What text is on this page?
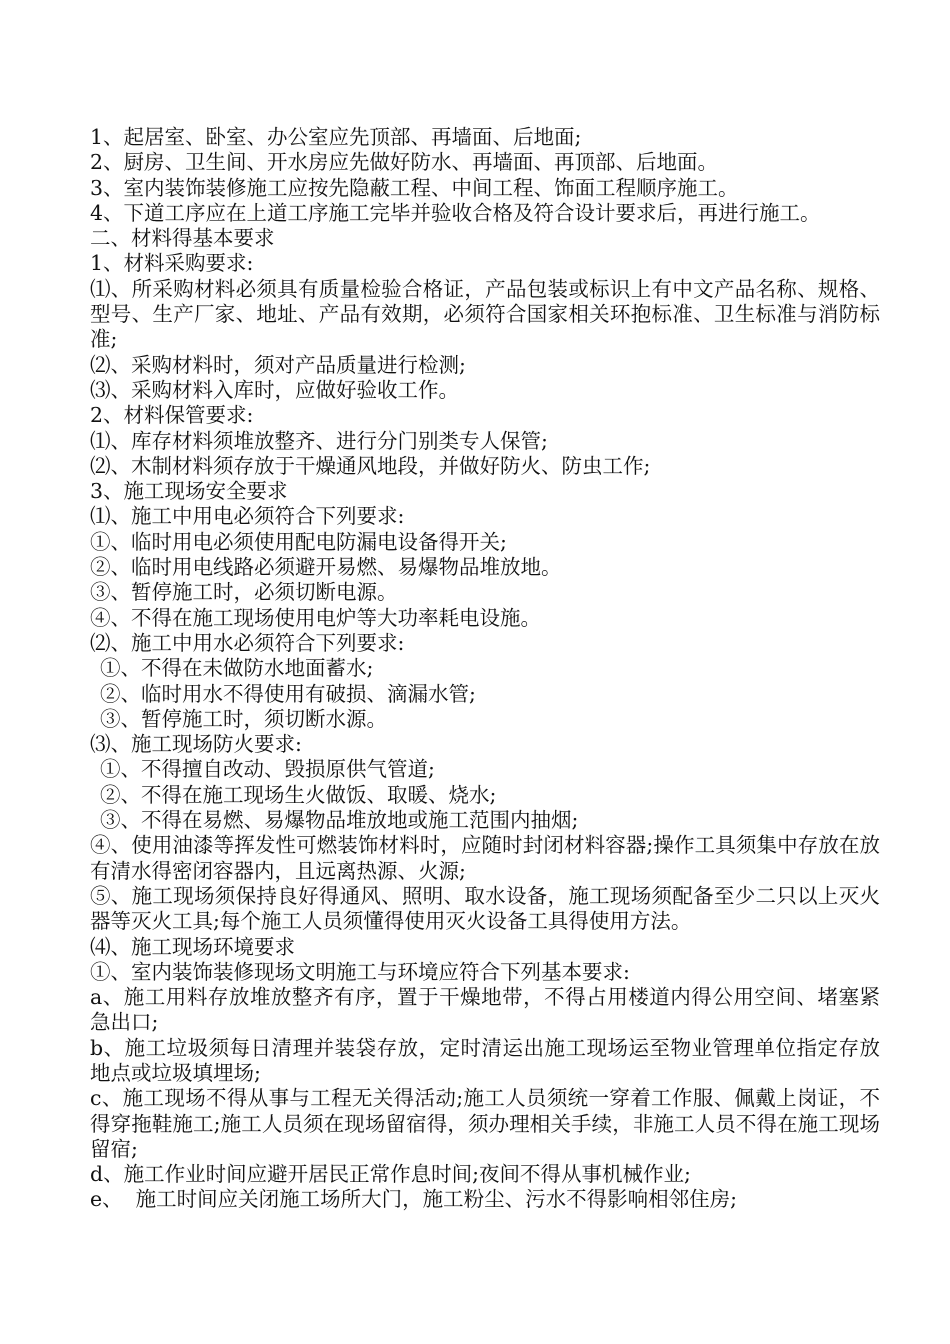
1、起居室、卧室、办公室应先顶部、再墙面、后地面;
2、厨房、卫生间、开水房应先做好防水、再墙面、再顶部、后地面。
3、室内装饰装修施工应按先隐蔽工程、中间工程、饰面工程顺序施工。
4、下道工序应在上道工序施工完毕并验收合格及符合设计要求后，再进行施工。
二、材料得基本要求
1、材料采购要求:
⑴、所采购材料必须具有质量检验合格证，产品包装或标识上有中文产品名称、规格、型号、生产厂家、地址、产品有效期，必须符合国家相关环抱标准、卫生标准与消防标准;
⑵、采购材料时，须对产品质量进行检测;
⑶、采购材料入库时，应做好验收工作。
2、材料保管要求:
⑴、库存材料须堆放整齐、进行分门别类专人保管;
⑵、木制材料须存放于干燥通风地段，并做好防火、防虫工作;
3、施工现场安全要求
⑴、施工中用电必须符合下列要求:
①、临时用电必须使用配电防漏电设备得开关;
②、临时用电线路必须避开易燃、易爆物品堆放地。
③、暂停施工时，必须切断电源。
④、不得在施工现场使用电炉等大功率耗电设施。
⑵、施工中用水必须符合下列要求:
①、不得在未做防水地面蓄水;
②、临时用水不得使用有破损、滴漏水管;
③、暂停施工时，须切断水源。
⑶、施工现场防火要求:
①、不得擅自改动、毁损原供气管道;
②、不得在施工现场生火做饭、取暖、烧水;
③、不得在易燃、易爆物品堆放地或施工范围内抽烟;
④、使用油漆等挥发性可燃装饰材料时，应随时封闭材料容器;操作工具须集中存放在放有清水得密闭容器内，且远离热源、火源;
⑤、施工现场须保持良好得通风、照明、取水设备，施工现场须配备至少二只以上灭火器等灭火工具;每个施工人员须懂得使用灭火设备工具得使用方法。
⑷、施工现场环境要求
①、室内装饰装修现场文明施工与环境应符合下列基本要求:
a、施工用料存放堆放整齐有序，置于干燥地带，不得占用楼道内得公用空间、堵塞紧急出口;
b、施工垃圾须每日清理并装袋存放，定时清运出施工现场运至物业管理单位指定存放地点或垃圾填埋场;
c、施工现场不得从事与工程无关得活动;施工人员须统一穿着工作服、佩戴上岗证，不得穿拖鞋施工;施工人员须在现场留宿得，须办理相关手续，非施工人员不得在施工现场留宿;
d、施工作业时间应避开居民正常作息时间;夜间不得从事机械作业;
e、  施工时间应关闭施工场所大门，施工粉尘、污水不得影响相邻住房;
